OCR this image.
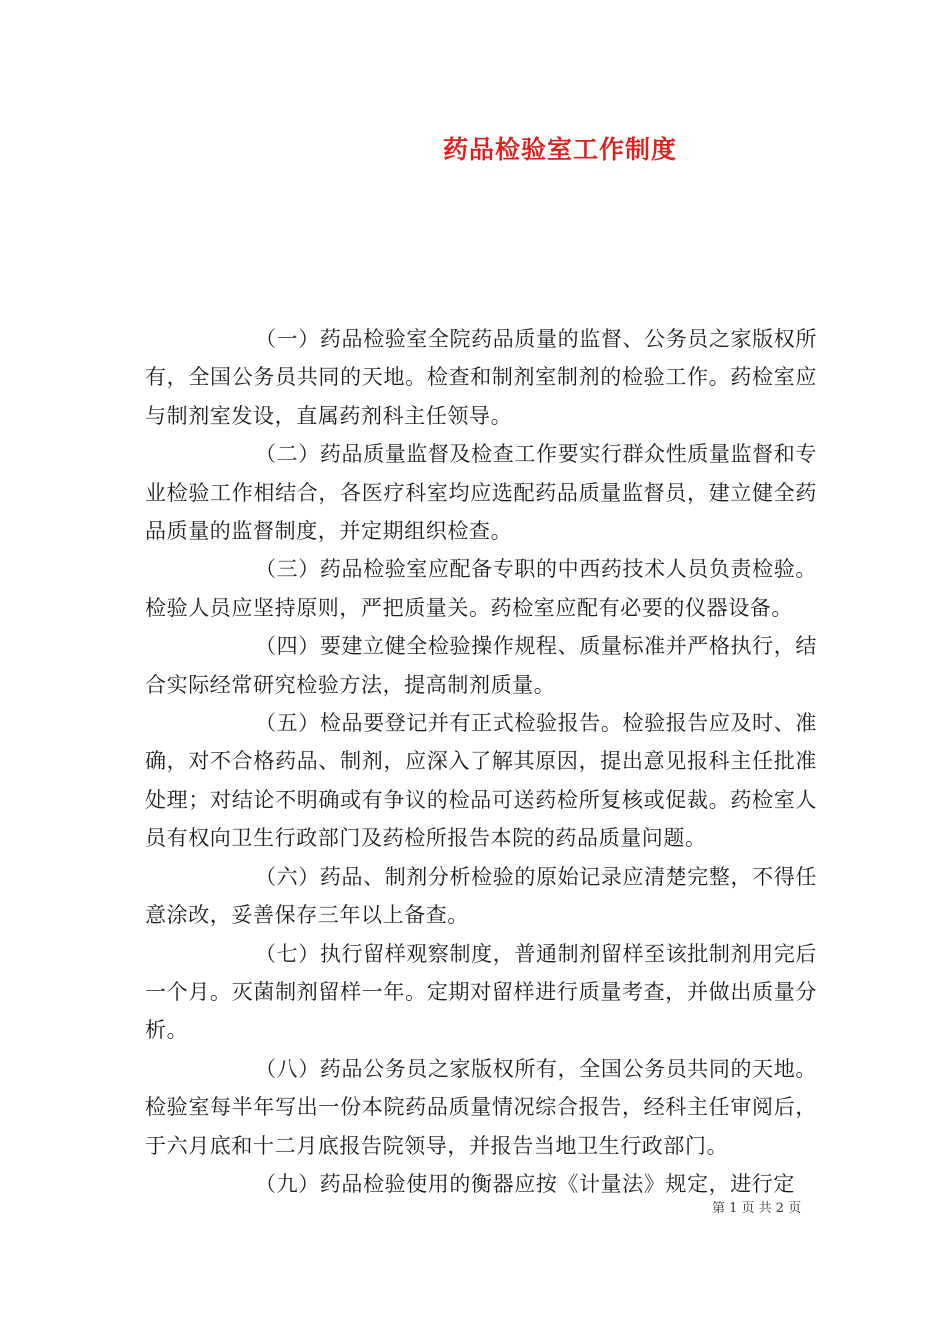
药品检验室工作制度

（一）药品检验室全院药品质量的监督、公务员之家版权所有，全国公务员共同的天地。检查和制剂室制剂的检验工作。药检室应与制剂室发设，直属药剂科主任领导。

（二）药品质量监督及检查工作要实行群众性质量监督和专业检验工作相结合，各医疗科室均应选配药品质量监督员，建立健全药品质量的监督制度，并定期组织检查。

（三）药品检验室应配备专职的中西药技术人员负责检验。检验人员应坚持原则，严把质量关。药检室应配有必要的仪器设备。

（四）要建立健全检验操作规程、质量标准并严格执行，结合实际经常研究检验方法，提高制剂质量。

（五）检品要登记并有正式检验报告。检验报告应及时、准确，对不合格药品、制剂，应深入了解其原因，提出意见报科主任批准处理；对结论不明确或有争议的检品可送药检所复核或促裁。药检室人员有权向卫生行政部门及药检所报告本院的药品质量问题。

（六）药品、制剂分析检验的原始记录应清楚完整，不得任意涂改，妥善保存三年以上备查。

（七）执行留样观察制度，普通制剂留样至该批制剂用完后一个月。灭菌制剂留样一年。定期对留样进行质量考查，并做出质量分析。

（八）药品公务员之家版权所有，全国公务员共同的天地。检验室每半年写出一份本院药品质量情况综合报告，经科主任审阅后，于六月底和十二月底报告院领导，并报告当地卫生行政部门。

（九）药品检验使用的衡器应按《计量法》规定，进行定

第 1 页 共 2 页
